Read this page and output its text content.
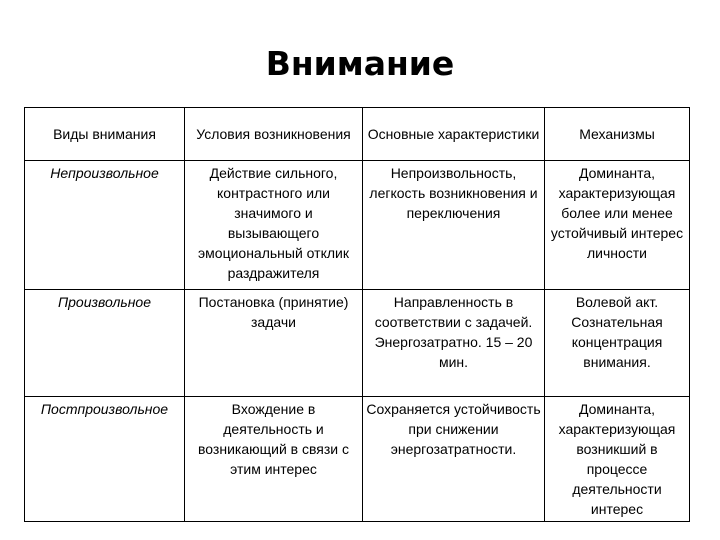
Внимание
Виды внимания	Условия возникновения	Основные характеристики	Механизмы
Непроизвольное	Действие сильного, контрастного или значимого и вызывающего эмоциональный отклик раздражителя	Непроизвольность, легкость возникновения и переключения	Доминанта, характеризующая более или менее устойчивый интерес личности
Произвольное	Постановка (принятие) задачи	Направленность в соответствии с задачей. Энергозатратно. 15 – 20 мин.	Волевой акт. Сознательная концентрация внимания.
Постпроизвольное	Вхождение в деятельность и возникающий в связи с этим интерес	Сохраняется устойчивость при снижении энергозатратности.	Доминанта, характеризующая возникший в процессе деятельности интерес
